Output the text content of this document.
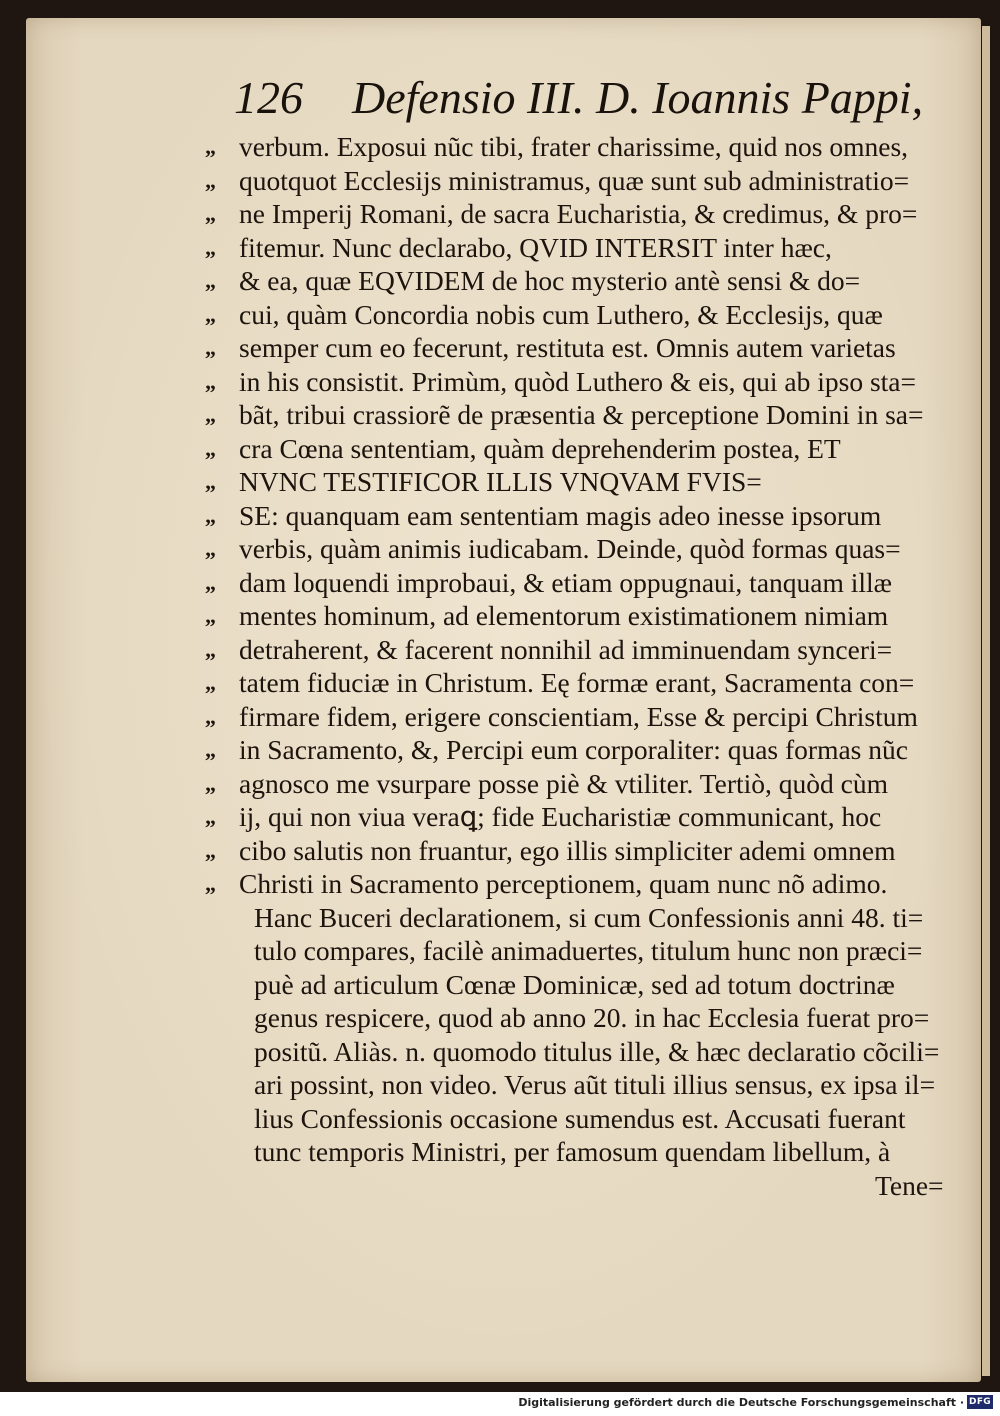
126 Defensio III. D. Ioannis Pappi,
„ verbum. Exposui nũc tibi, frater charissime, quid nos omnes,
„ quotquot Ecclesijs ministramus, quæ sunt sub administratio=
„ ne Imperij Romani, de sacra Eucharistia, & credimus, & pro=
„ fitemur. Nunc declarabo, QVID INTERSIT inter hæc,
„ & ea, quæ EQVIDEM de hoc mysterio antè sensi & do=
„ cui, quàm Concordia nobis cum Luthero, & Ecclesijs, quæ
„ semper cum eo fecerunt, restituta est. Omnis autem varietas
„ in his consistit. Primùm, quòd Luthero & eis, qui ab ipso sta=
„ bãt, tribui crassiorẽ de præsentia & perceptione Domini in sa=
„ cra Cœna sententiam, quàm deprehenderim postea, ET
„ NVNC TESTIFICOR ILLIS VNQVAM FVIS=
„ SE: quanquam eam sententiam magis adeo inesse ipsorum
„ verbis, quàm animis iudicabam. Deinde, quòd formas quas=
„ dam loquendi improbaui, & etiam oppugnaui, tanquam illæ
„ mentes hominum, ad elementorum existimationem nimiam
„ detraherent, & facerent nonnihil ad imminuendam synceri=
„ tatem fiduciæ in Christum. Eę formæ erant, Sacramenta con=
„ firmare fidem, erigere conscientiam, Esse & percipi Christum
„ in Sacramento, &, Percipi eum corporaliter: quas formas nũc
„ agnosco me vsurpare posse piè & vtiliter. Tertiò, quòd cùm
„ ij, qui non viua veraꝗ; fide Eucharistiæ communicant, hoc
„ cibo salutis non fruantur, ego illis simpliciter ademi omnem
„ Christi in Sacramento perceptionem, quam nunc nõ adimo.
Hanc Buceri declarationem, si cum Confessionis anni 48. ti=
tulo compares, facilè animaduertes, titulum hunc non præci=
puè ad articulum Cœnæ Dominicæ, sed ad totum doctrinæ
genus respicere, quod ab anno 20. in hac Ecclesia fuerat pro=
positũ. Aliàs. n. quomodo titulus ille, & hæc declaratio cõcili=
ari possint, non video. Verus aũt tituli illius sensus, ex ipsa il=
lius Confessionis occasione sumendus est. Accusati fuerant
tunc temporis Ministri, per famosum quendam libellum, à
Tene=
Digitalisierung gefördert durch die Deutsche Forschungsgemeinschaft · DFG
